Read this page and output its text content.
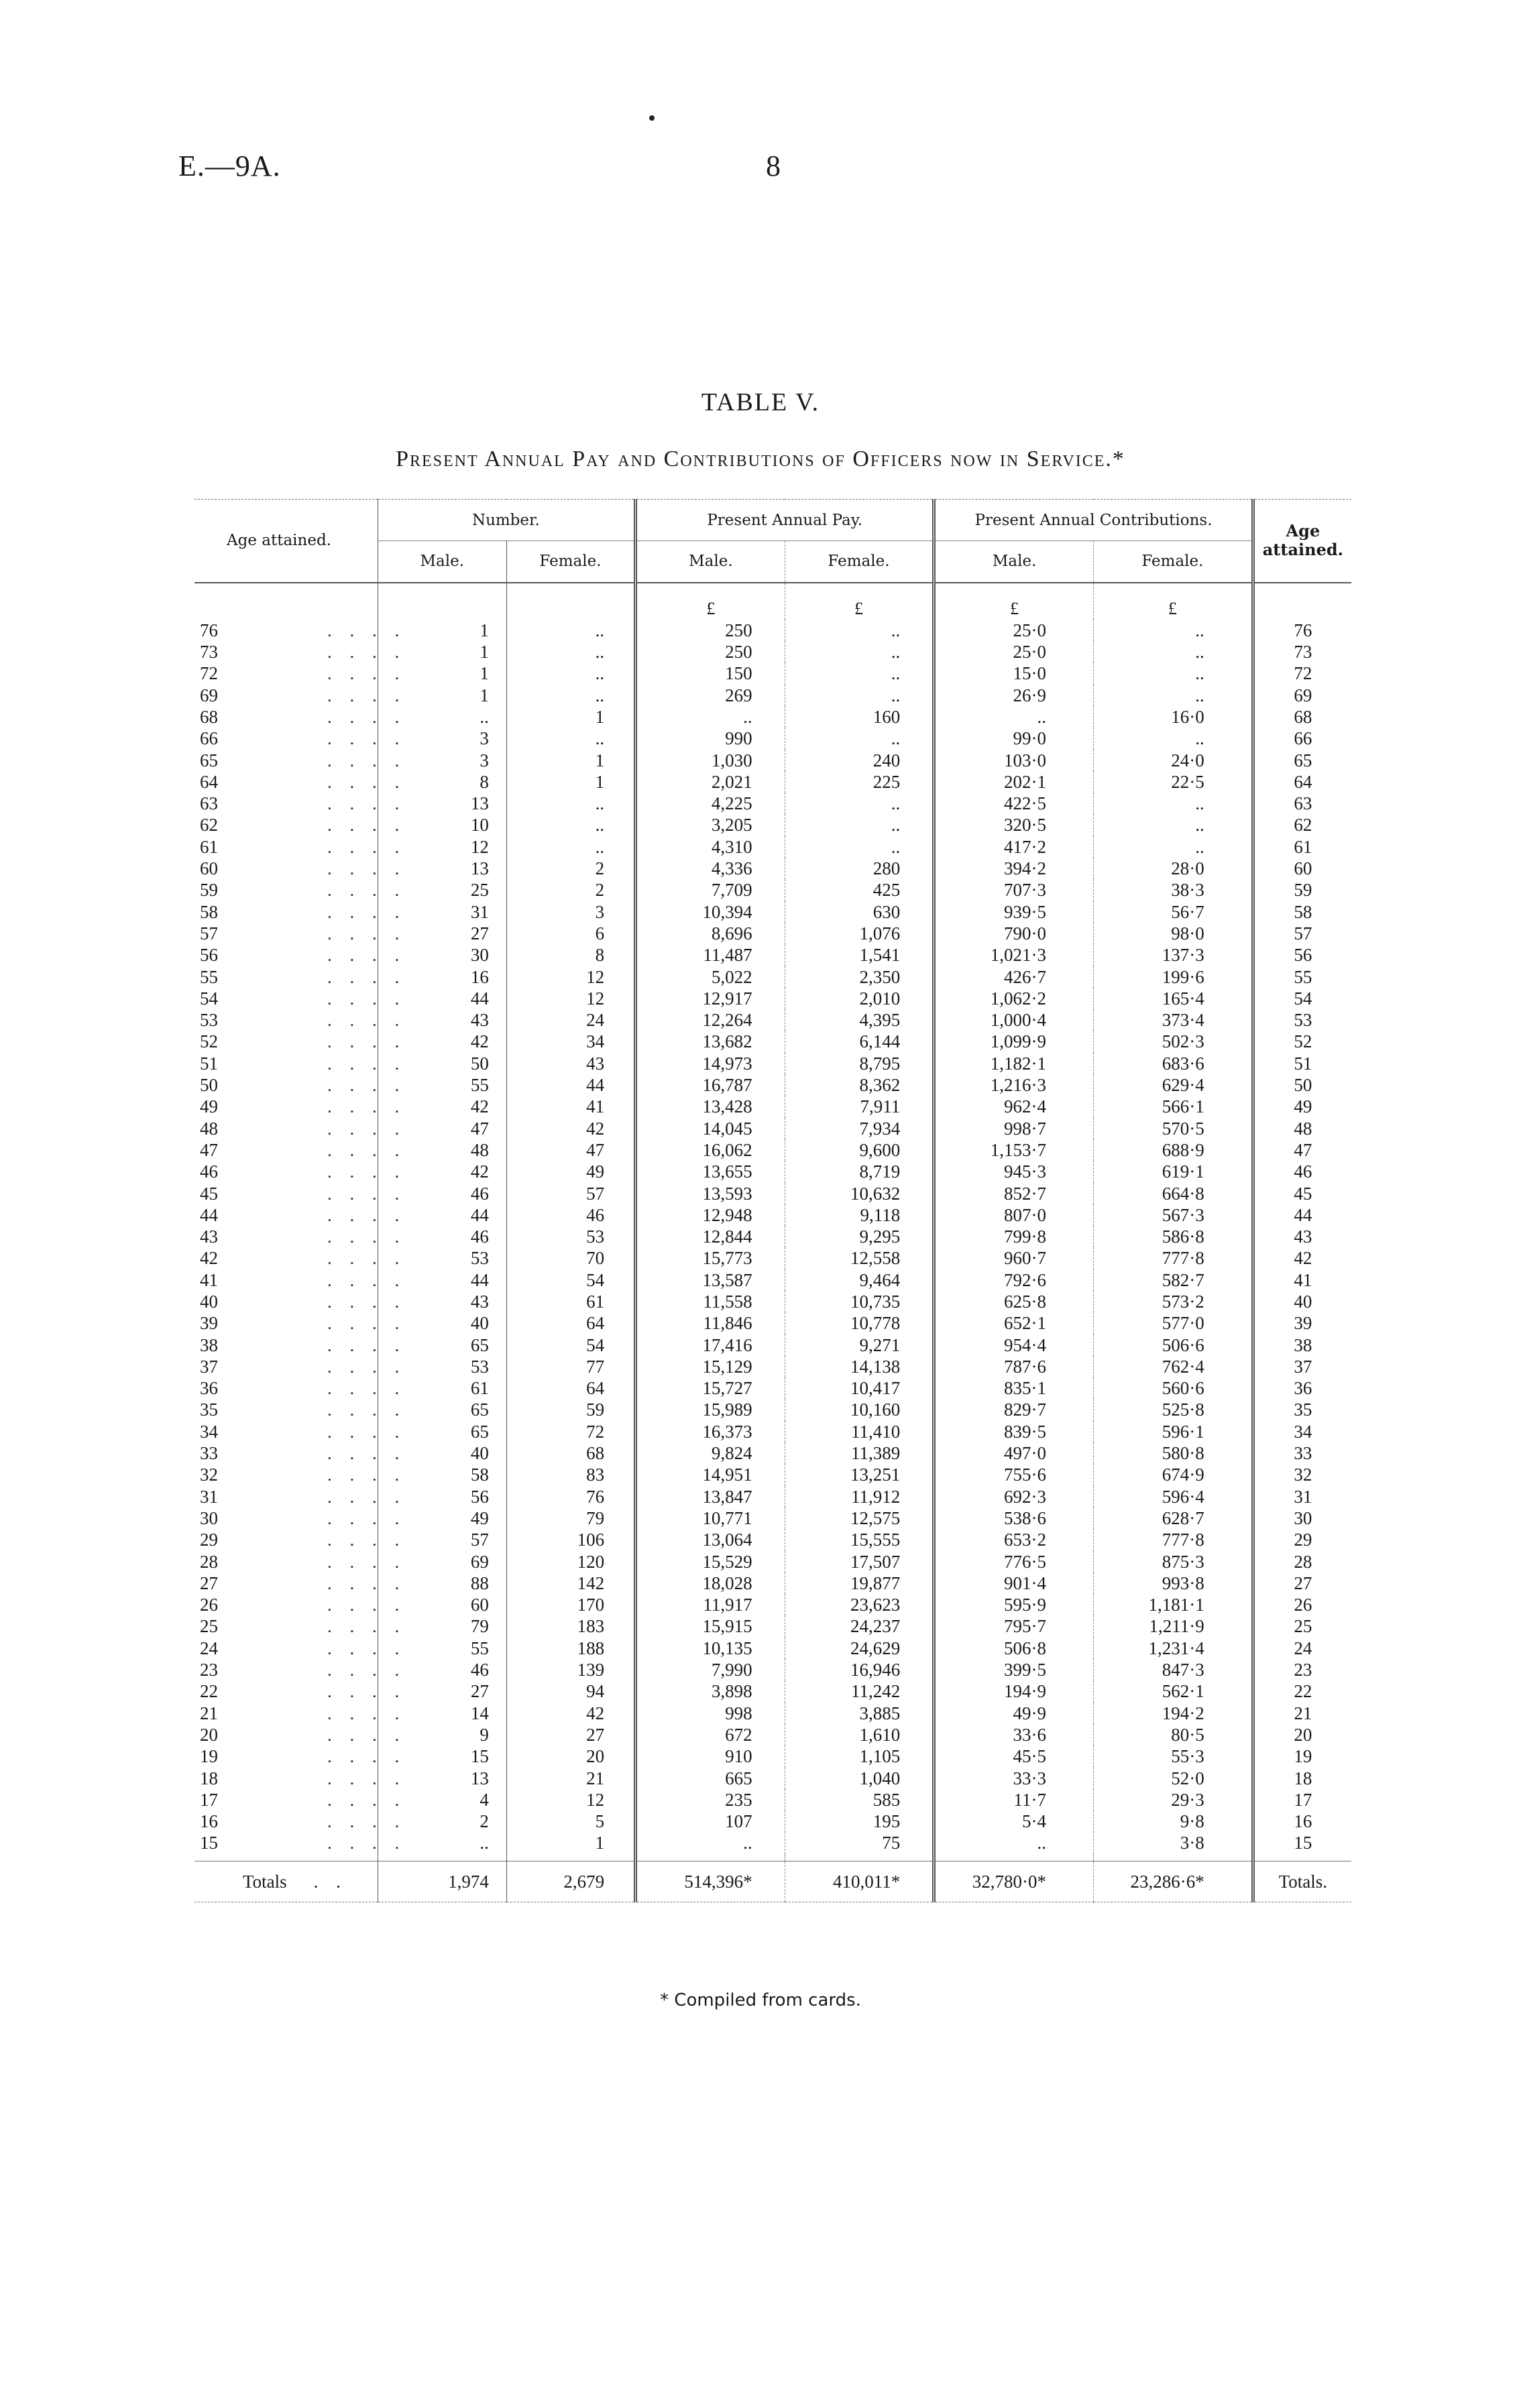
E.—9A.	8
TABLE V.
Present Annual Pay and Contributions of Officers now in Service.*
Age attained.	Number.		Present Annual Pay.		Present Annual Contributions.		Age attained.
	Male.	Female.	Male.	Female.	Male.	Female.	
			£	£	£	£	
76 . . . .	1	..	250	..	25·0	..	76
73 . . . .	1	..	250	..	25·0	..	73
72 . . . .	1	..	150	..	15·0	..	72
69 . . . .	1	..	269	..	26·9	..	69
68 . . . .	..	1	..	160	..	16·0	68
66 . . . .	3	..	990	..	99·0	..	66
65 . . . .	3	1	1,030	240	103·0	24·0	65
64 . . . .	8	1	2,021	225	202·1	22·5	64
63 . . . .	13	..	4,225	..	422·5	..	63
62 . . . .	10	..	3,205	..	320·5	..	62
61 . . . .	12	..	4,310	..	417·2	..	61
60 . . . .	13	2	4,336	280	394·2	28·0	60
59 . . . .	25	2	7,709	425	707·3	38·3	59
58 . . . .	31	3	10,394	630	939·5	56·7	58
57 . . . .	27	6	8,696	1,076	790·0	98·0	57
56 . . . .	30	8	11,487	1,541	1,021·3	137·3	56
55 . . . .	16	12	5,022	2,350	426·7	199·6	55
54 . . . .	44	12	12,917	2,010	1,062·2	165·4	54
53 . . . .	43	24	12,264	4,395	1,000·4	373·4	53
52 . . . .	42	34	13,682	6,144	1,099·9	502·3	52
51 . . . .	50	43	14,973	8,795	1,182·1	683·6	51
50 . . . .	55	44	16,787	8,362	1,216·3	629·4	50
49 . . . .	42	41	13,428	7,911	962·4	566·1	49
48 . . . .	47	42	14,045	7,934	998·7	570·5	48
47 . . . .	48	47	16,062	9,600	1,153·7	688·9	47
46 . . . .	42	49	13,655	8,719	945·3	619·1	46
45 . . . .	46	57	13,593	10,632	852·7	664·8	45
44 . . . .	44	46	12,948	9,118	807·0	567·3	44
43 . . . .	46	53	12,844	9,295	799·8	586·8	43
42 . . . .	53	70	15,773	12,558	960·7	777·8	42
41 . . . .	44	54	13,587	9,464	792·6	582·7	41
40 . . . .	43	61	11,558	10,735	625·8	573·2	40
39 . . . .	40	64	11,846	10,778	652·1	577·0	39
38 . . . .	65	54	17,416	9,271	954·4	506·6	38
37 . . . .	53	77	15,129	14,138	787·6	762·4	37
36 . . . .	61	64	15,727	10,417	835·1	560·6	36
35 . . . .	65	59	15,989	10,160	829·7	525·8	35
34 . . . .	65	72	16,373	11,410	839·5	596·1	34
33 . . . .	40	68	9,824	11,389	497·0	580·8	33
32 . . . .	58	83	14,951	13,251	755·6	674·9	32
31 . . . .	56	76	13,847	11,912	692·3	596·4	31
30 . . . .	49	79	10,771	12,575	538·6	628·7	30
29 . . . .	57	106	13,064	15,555	653·2	777·8	29
28 . . . .	69	120	15,529	17,507	776·5	875·3	28
27 . . . .	88	142	18,028	19,877	901·4	993·8	27
26 . . . .	60	170	11,917	23,623	595·9	1,181·1	26
25 . . . .	79	183	15,915	24,237	795·7	1,211·9	25
24 . . . .	55	188	10,135	24,629	506·8	1,231·4	24
23 . . . .	46	139	7,990	16,946	399·5	847·3	23
22 . . . .	27	94	3,898	11,242	194·9	562·1	22
21 . . . .	14	42	998	3,885	49·9	194·2	21
20 . . . .	9	27	672	1,610	33·6	80·5	20
19 . . . .	15	20	910	1,105	45·5	55·3	19
18 . . . .	13	21	665	1,040	33·3	52·0	18
17 . . . .	4	12	235	585	11·7	29·3	17
16 . . . .	2	5	107	195	5·4	9·8	16
15 . . . .	..	1	..	75	..	3·8	15

Totals . .	1,974	2,679	514,396*	410,011*	32,780·0*	23,286·6*	Totals.
* Compiled from cards.
